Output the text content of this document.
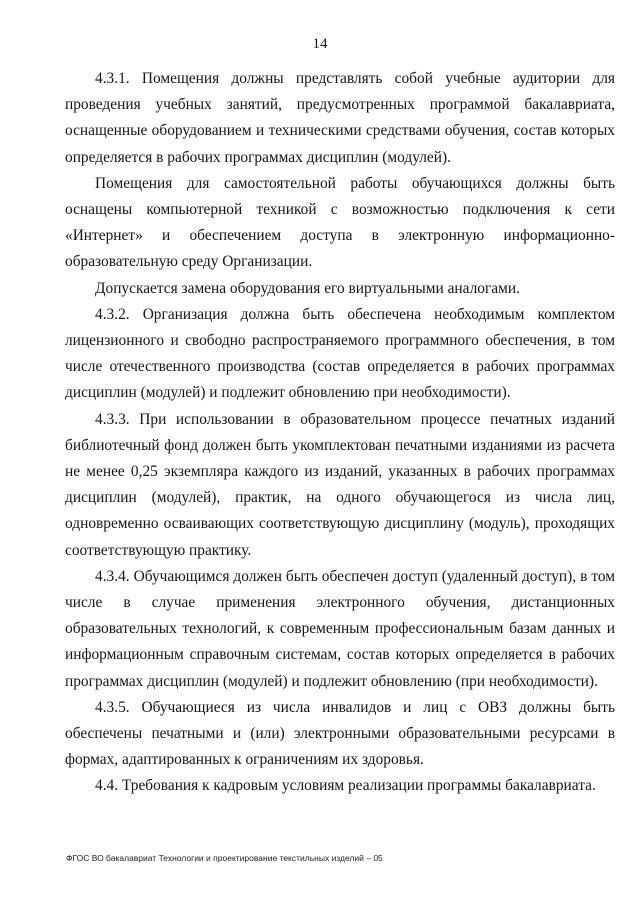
14

4.3.1. Помещения должны представлять собой учебные аудитории для проведения учебных занятий, предусмотренных программой бакалавриата, оснащенные оборудованием и техническими средствами обучения, состав которых определяется в рабочих программах дисциплин (модулей).

Помещения для самостоятельной работы обучающихся должны быть оснащены компьютерной техникой с возможностью подключения к сети «Интернет» и обеспечением доступа в электронную информационно-образовательную среду Организации.

Допускается замена оборудования его виртуальными аналогами.

4.3.2. Организация должна быть обеспечена необходимым комплектом лицензионного и свободно распространяемого программного обеспечения, в том числе отечественного производства (состав определяется в рабочих программах дисциплин (модулей) и подлежит обновлению при необходимости).

4.3.3. При использовании в образовательном процессе печатных изданий библиотечный фонд должен быть укомплектован печатными изданиями из расчета не менее 0,25 экземпляра каждого из изданий, указанных в рабочих программах дисциплин (модулей), практик, на одного обучающегося из числа лиц, одновременно осваивающих соответствующую дисциплину (модуль), проходящих соответствующую практику.

4.3.4. Обучающимся должен быть обеспечен доступ (удаленный доступ), в том числе в случае применения электронного обучения, дистанционных образовательных технологий, к современным профессиональным базам данных и информационным справочным системам, состав которых определяется в рабочих программах дисциплин (модулей) и подлежит обновлению (при необходимости).

4.3.5. Обучающиеся из числа инвалидов и лиц с ОВЗ должны быть обеспечены печатными и (или) электронными образовательными ресурсами в формах, адаптированных к ограничениям их здоровья.

4.4. Требования к кадровым условиям реализации программы бакалавриата.

ФГОС ВО бакалавриат Технологии и проектирование текстильных изделий – 05
